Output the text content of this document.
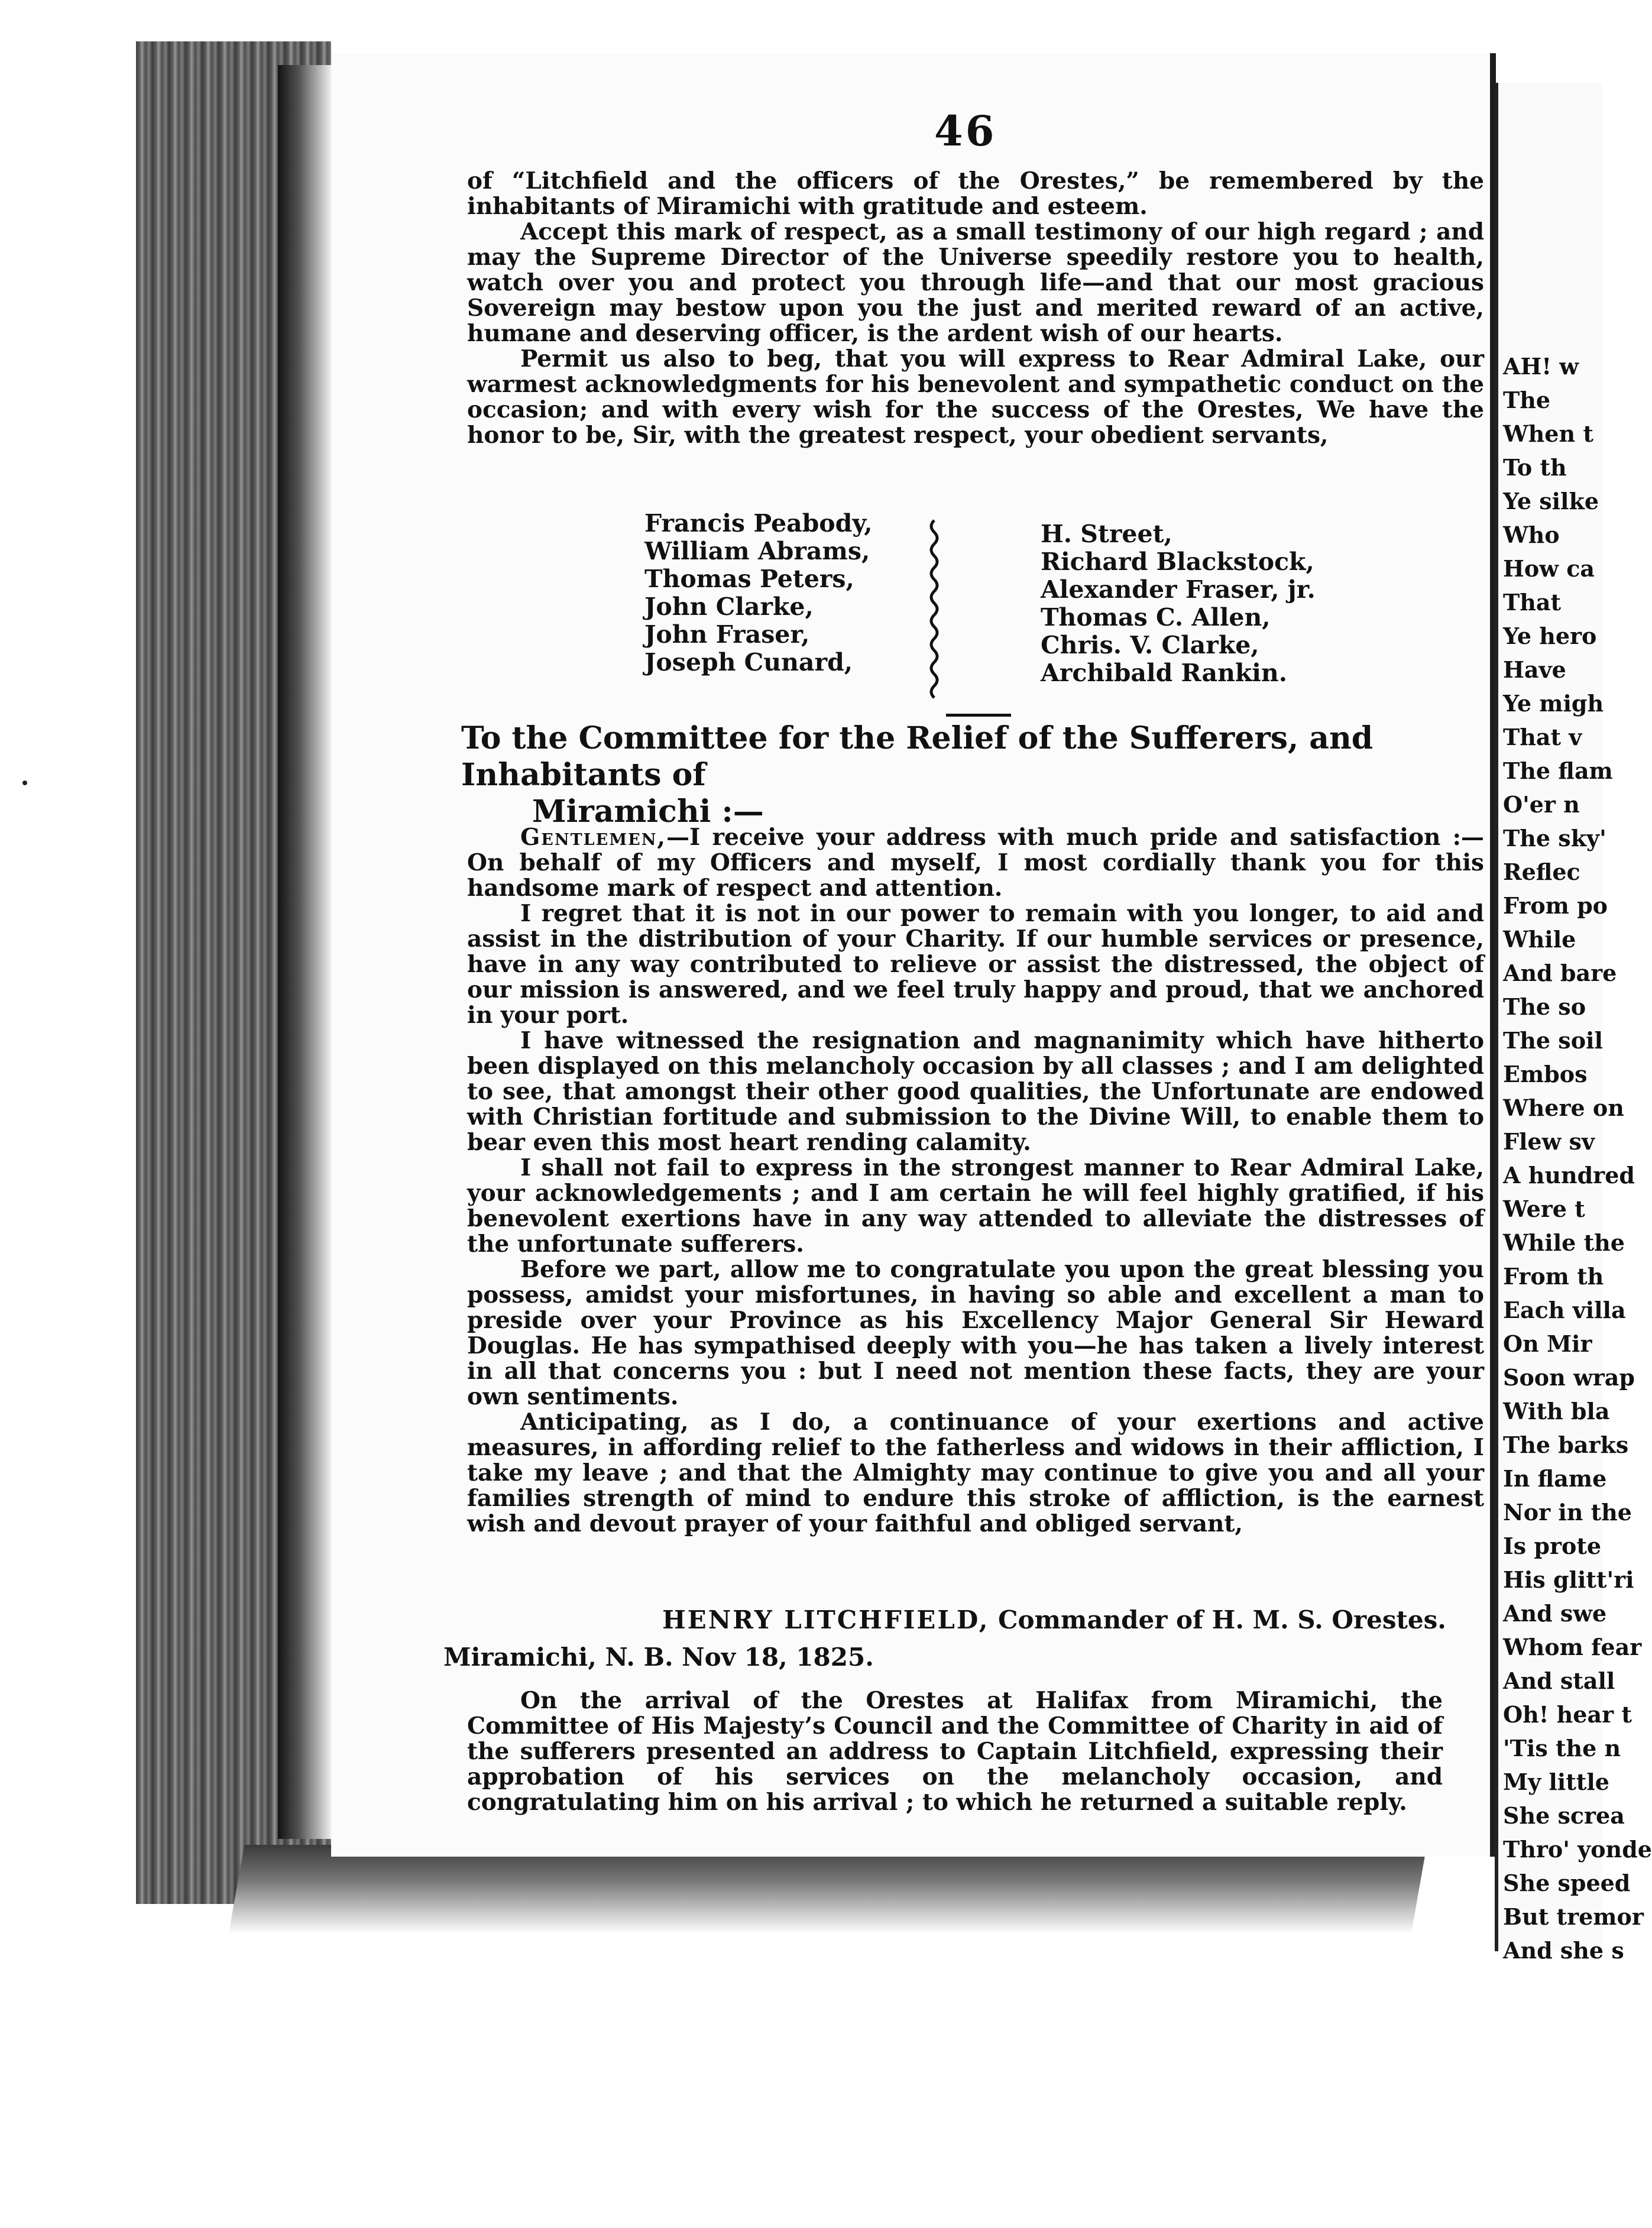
46

of “Litchfield and the officers of the Orestes,” be remembered by the inhabitants of Miramichi with gratitude and esteem.

Accept this mark of respect, as a small testimony of our high regard ; and may the Supreme Director of the Universe speedily restore you to health, watch over you and protect you through life—and that our most gracious Sovereign may bestow upon you the just and merited reward of an active, humane and deserving officer, is the ardent wish of our hearts.

Permit us also to beg, that you will express to Rear Admiral Lake, our warmest acknowledgments for his benevolent and sympathetic conduct on the occasion; and with every wish for the success of the Orestes, We have the honor to be, Sir, with the greatest respect, your obedient servants,

Francis Peabody,
William Abrams,
Thomas Peters,
John Clarke,
John Fraser,
Joseph Cunard,
H. Street,
Richard Blackstock,
Alexander Fraser, jr.
Thomas C. Allen,
Chris. V. Clarke,
Archibald Rankin.
To the Committee for the Relief of the Sufferers, and Inhabitants of
Miramichi :—

Gentlemen,—I receive your address with much pride and satisfaction :—On behalf of my Officers and myself, I most cordially thank you for this handsome mark of respect and attention.

I regret that it is not in our power to remain with you longer, to aid and assist in the distribution of your Charity. If our humble services or presence, have in any way contributed to relieve or assist the distressed, the object of our mission is answered, and we feel truly happy and proud, that we anchored in your port.

I have witnessed the resignation and magnanimity which have hitherto been displayed on this melancholy occasion by all classes ; and I am delighted to see, that amongst their other good qualities, the Unfortunate are endowed with Christian fortitude and submission to the Divine Will, to enable them to bear even this most heart rending calamity.

I shall not fail to express in the strongest manner to Rear Admiral Lake, your acknowledgements ; and I am certain he will feel highly gratified, if his benevolent exertions have in any way attended to alleviate the distresses of the unfortunate sufferers.

Before we part, allow me to congratulate you upon the great blessing you possess, amidst your misfortunes, in having so able and excellent a man to preside over your Province as his Excellency Major General Sir Heward Douglas. He has sympathised deeply with you—he has taken a lively interest in all that concerns you : but I need not mention these facts, they are your own sentiments.

Anticipating, as I do, a continuance of your exertions and active measures, in affording relief to the fatherless and widows in their affliction, I take my leave ; and that the Almighty may continue to give you and all your families strength of mind to endure this stroke of affliction, is the earnest wish and devout prayer of your faithful and obliged servant,

HENRY LITCHFIELD, Commander of H. M. S. Orestes.
Miramichi, N. B. Nov 18, 1825.

On the arrival of the Orestes at Halifax from Miramichi, the Committee of His Majesty’s Council and the Committee of Charity in aid of the sufferers presented an address to Captain Litchfield, expressing their approbation of his services on the melancholy occasion, and congratulating him on his arrival ; to which he returned a suitable reply.

AH! w
The
When t
To th
Ye silke
Who
How ca
That
Ye hero
Have
Ye migh
That v
The flam
O'er n
The sky'
Reflec
From po
While
And bare
The so
The soil
Embos
Where on
Flew sv
A hundred
Were t
While the
From th
Each villa
On Mir
Soon wrap
With bla
The barks
In flame
Nor in the
Is prote
His glitt'ri
And swe
Whom fear
And stall
Oh! hear t
'Tis the n
My little
She screa
Thro' yonde
She speed
But tremor
And she s
